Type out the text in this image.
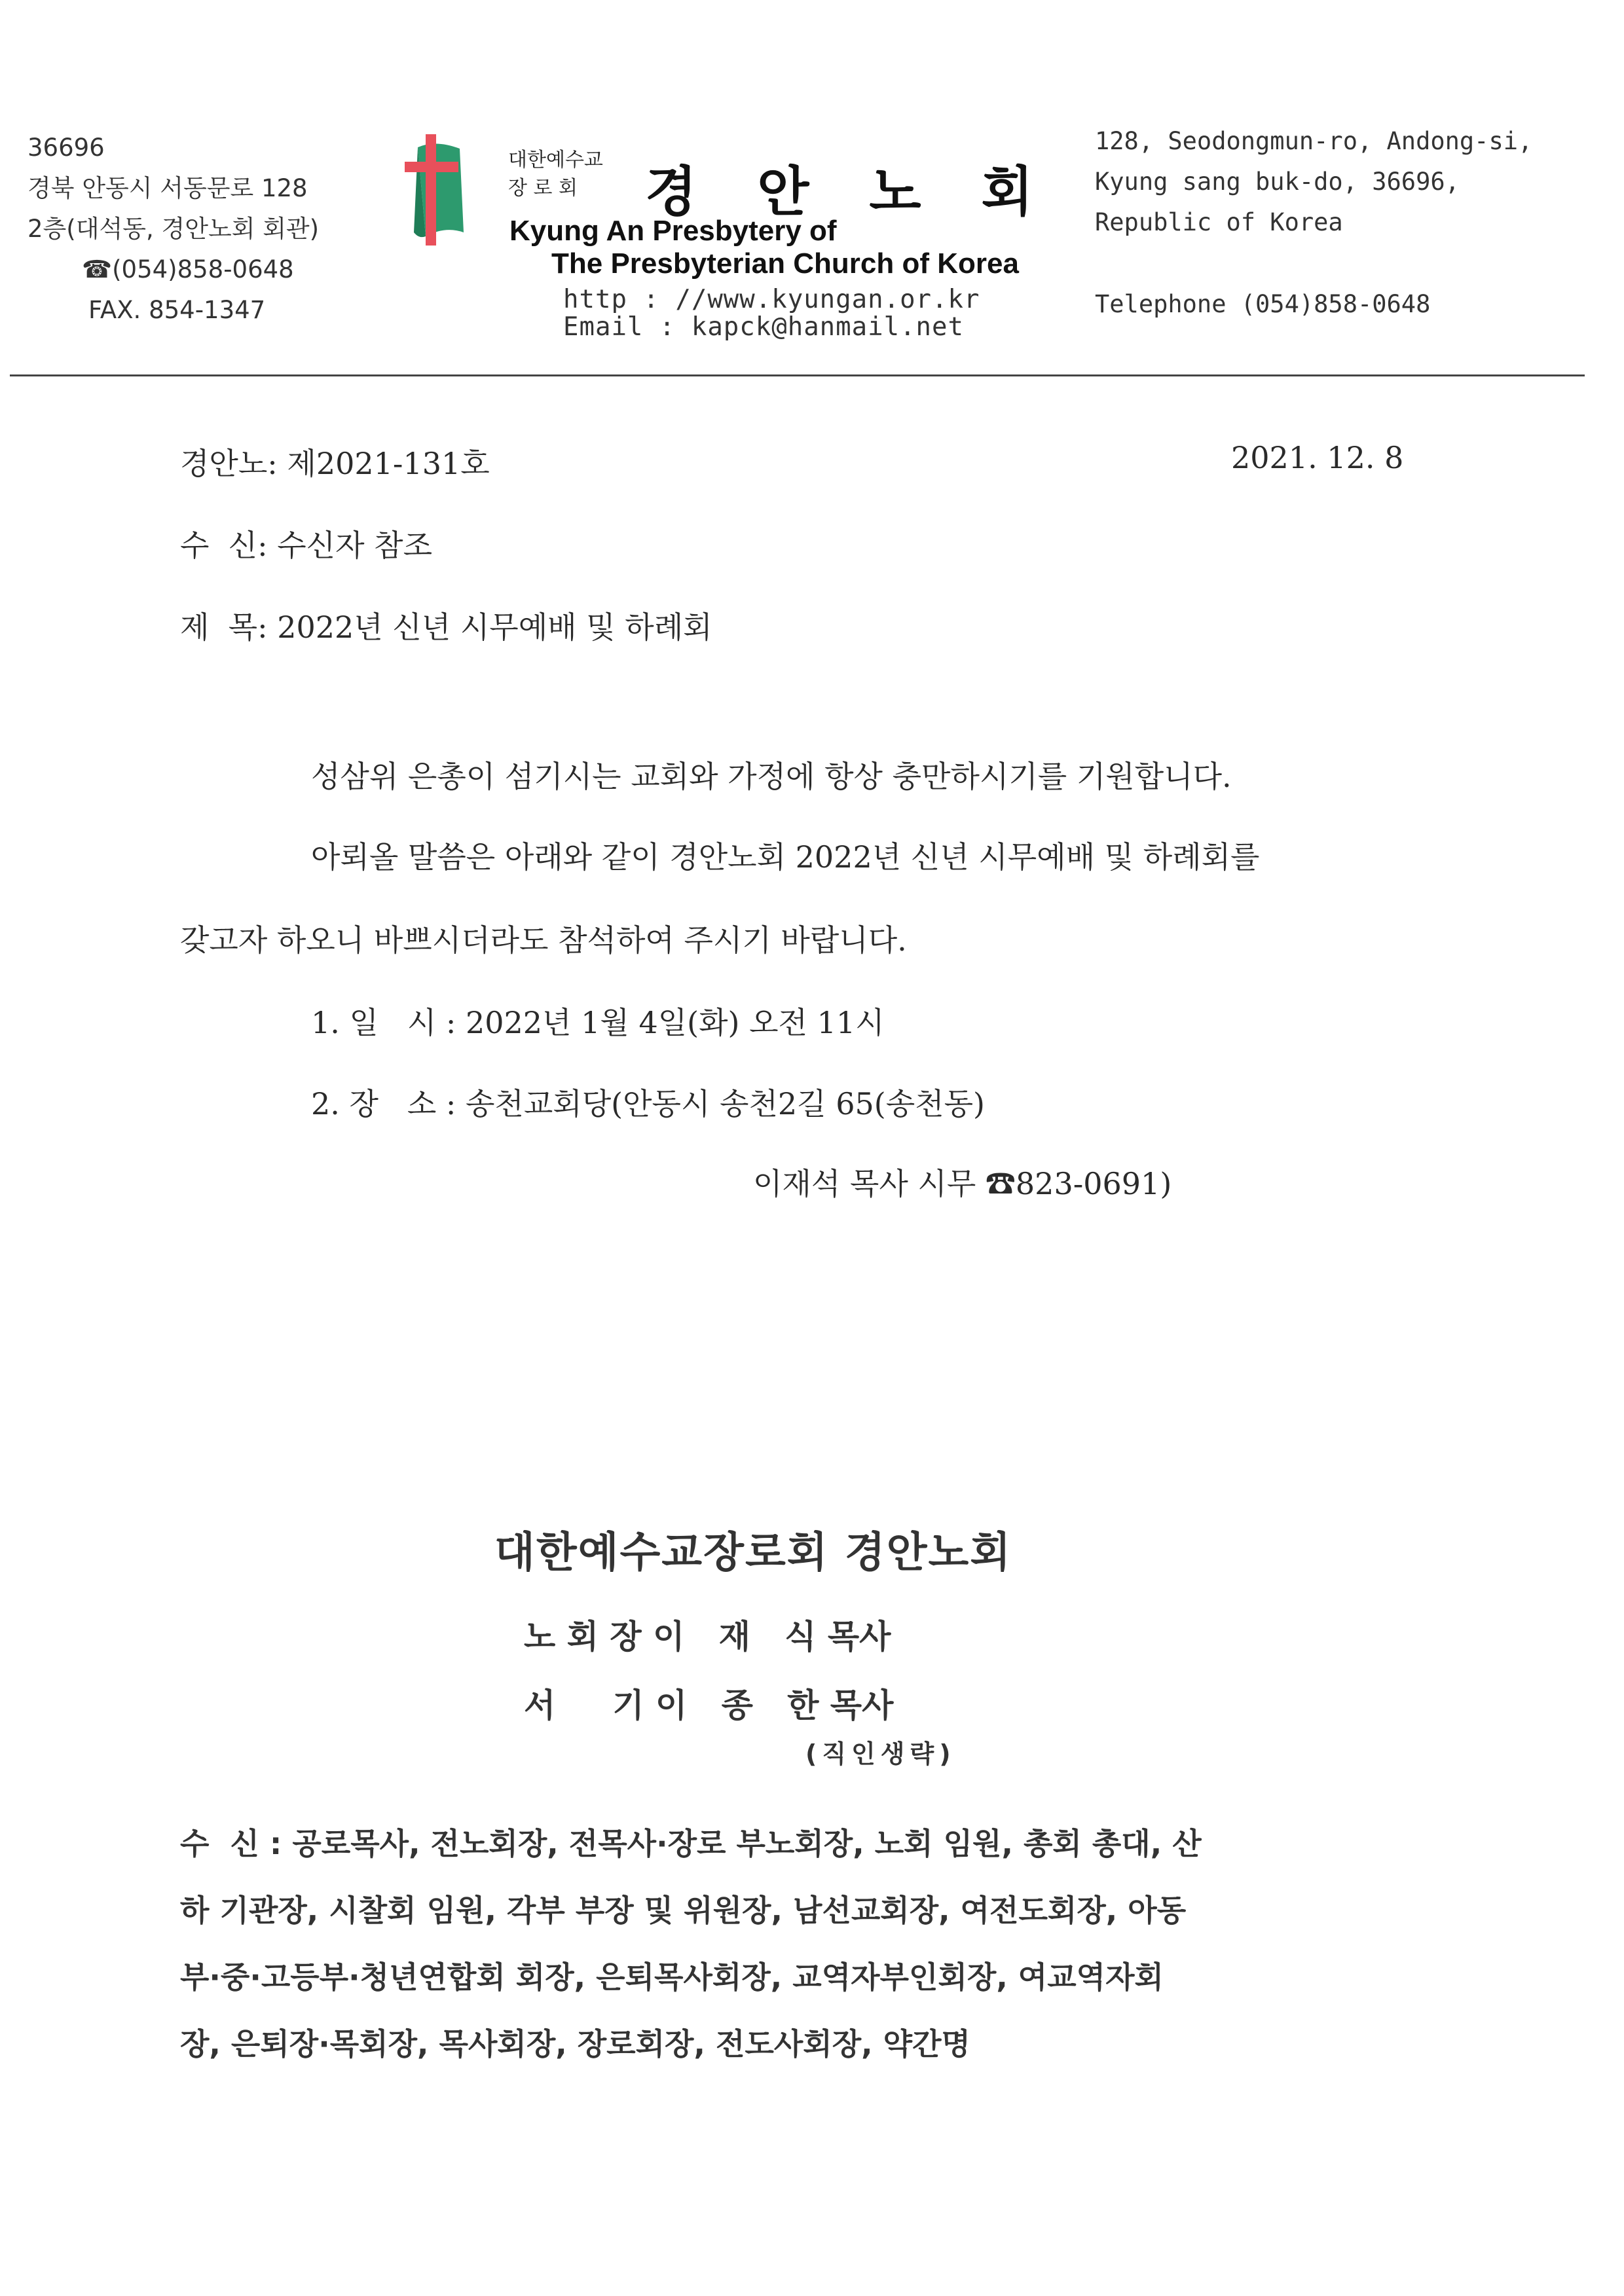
36696
경북 안동시 서동문로 128
2층(대석동, 경안노회 회관)
☎(054)858-0648
FAX. 854-1347
대한예수교
장 로 회 경안노회
Kyung An Presbytery of
The Presbyterian Church of Korea
http : //www.kyungan.or.kr
Email : kapck@hanmail.net
128, Seodongmun-ro, Andong-si,
Kyung sang buk-do, 36696,
Republic of Korea
Telephone (054)858-0648
경안노: 제2021-131호	2021. 12. 8
수  신: 수신자 참조
제  목: 2022년 신년 시무예배 및 하례회
성삼위 은총이 섬기시는 교회와 가정에 항상 충만하시기를 기원합니다.
아뢰올 말씀은 아래와 같이 경안노회 2022년 신년 시무예배 및 하례회를
갖고자 하오니 바쁘시더라도 참석하여 주시기 바랍니다.
1. 일   시 : 2022년 1월 4일(화) 오전 11시
2. 장   소 : 송천교회당(안동시 송천2길 65(송천동)
이재석 목사 시무 ☎823-0691)
대한예수교장로회 경안노회
노 회 장 이   재   식 목사
서     기 이   종   한 목사
(직인생략)
수  신 : 공로목사, 전노회장, 전목사·장로 부노회장, 노회 임원, 총회 총대, 산
하 기관장, 시찰회 임원, 각부 부장 및 위원장, 남선교회장, 여전도회장, 아동
부·중·고등부·청년연합회 회장, 은퇴목사회장, 교역자부인회장, 여교역자회
장, 은퇴장·목회장, 목사회장, 장로회장, 전도사회장, 약간명
